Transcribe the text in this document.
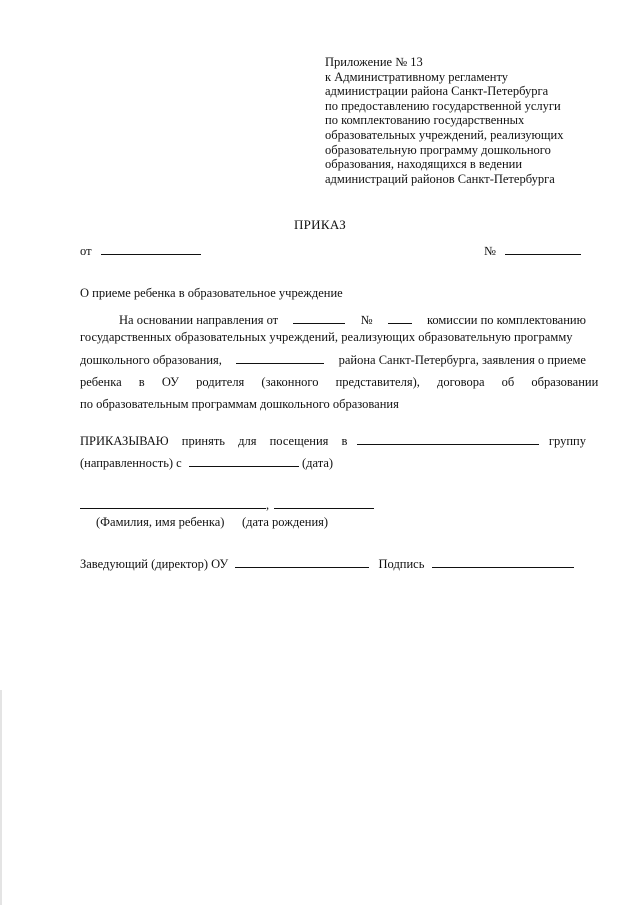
Приложение № 13
к Административному регламенту
администрации района Санкт-Петербурга
по предоставлению государственной услуги
по комплектованию государственных
образовательных учреждений, реализующих
образовательную программу дошкольного
образования, находящихся в ведении
администраций районов Санкт-Петербурга
ПРИКАЗ
от	№
О приеме ребенка в образовательное учреждение
На основании направления от	№	комиссии по комплектованию
государственных образовательных учреждений, реализующих образовательную программу
дошкольного образования,	района Санкт-Петербурга, заявления о приеме
ребенка в ОУ родителя (законного представителя), договора об образовании
по образовательным программам дошкольного образования
ПРИКАЗЫВАЮ принять для посещения в	группу
(направленность) с	(дата)
,
(Фамилия, имя ребенка) (дата рождения)
Заведующий (директор) ОУ	Подпись
